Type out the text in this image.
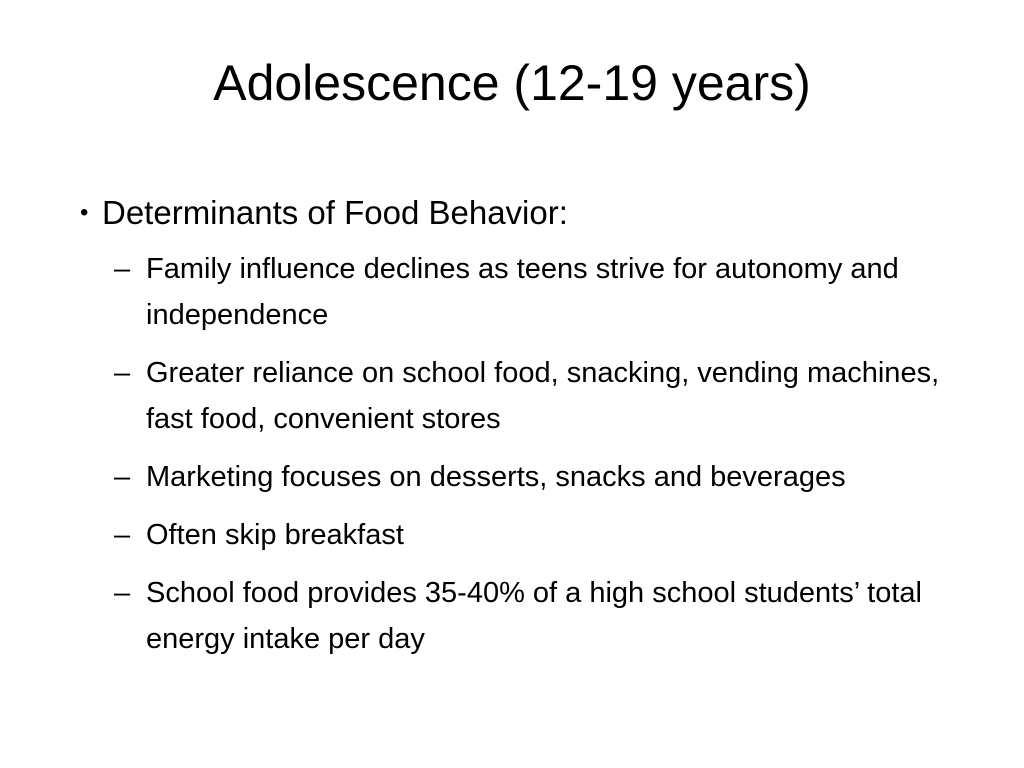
Adolescence (12-19 years)
• Determinants of Food Behavior:
– Family influence declines as teens strive for autonomy and independence
– Greater reliance on school food, snacking, vending machines, fast food, convenient stores
– Marketing focuses on desserts, snacks and beverages
– Often skip breakfast
– School food provides 35-40% of a high school students’ total energy intake per day
